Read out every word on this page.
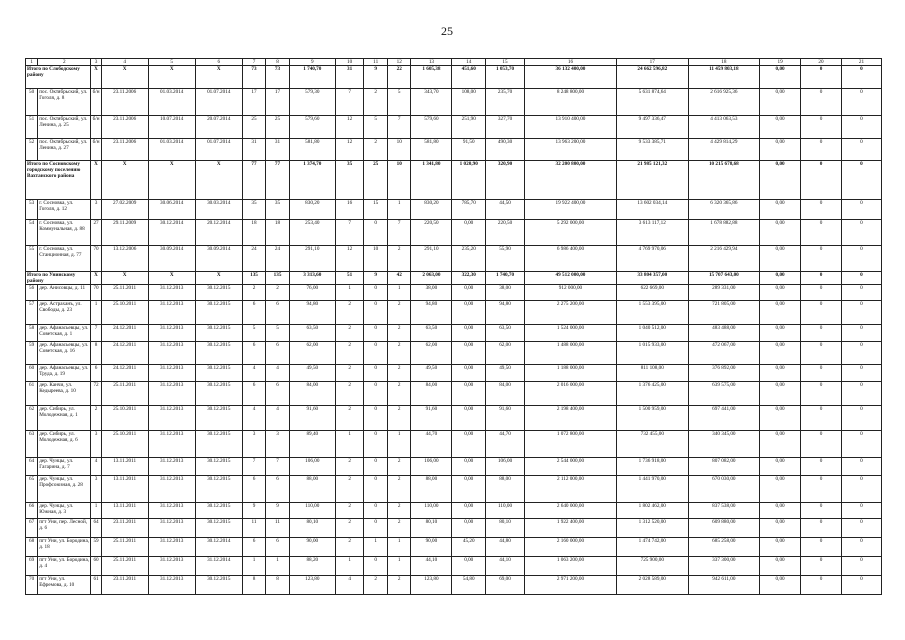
25
1	2	3	4	5	6	7	8	9	10	11	12	13	14	15	16	17	18	19	20	21
Итого по Слободскому району		X	X	X	X	73	73	1 740,70	31	9	22	1 605,38	451,60	1 053,70	36 132 400,00	24 662 596,82	11 459 803,18	0,00	0	0
50	пос. Октябрьский, ул. Гоголя, д. 8	б/н	23.11.2006	01.03.2014	01.07.2014	17	17	579,30	7	2	5	343,70	108,00	235,70	8 248 800,00	5 631 874,64	2 616 925,36	0,00	0	0
51	пос. Октябрьский, ул. Ленина, д. 25	б/н	23.11.2006	10.07.2014	20.07.2014	25	25	579,60	12	5	7	579,60	251,90	327,70	13 910 400,00	9 497 336,47	4 413 063,53	0,00	0	0
52	пос. Октябрьский, ул. Ленина, д. 27	б/н	23.11.2006	01.03.2014	01.07.2014	31	31	581,80	12	2	10	581,80	91,50	490,30	13 963 200,00	9 533 385,71	4 429 814,29	0,00	0	0
Итого по Сосновскому городскому поселению Вахтанского района		X	X	X	X	77	77	1 374,70	35	25	10	1 341,80	1 020,90	320,90	32 200 800,00	21 985 121,32	10 215 678,68	0,00	0	0
53	г. Сосновка, ул. Гоголя, д. 12	3	27.02.2009	30.06.2014	30.03.2014	35	35	830,20	16	15	1	830,20	785,70	44,50	19 922 400,00	13 602 034,14	6 320 365,86	0,00	0	0
54	г. Сосновка, ул. Коммунальная, д. 88	27	29.11.2009	30.12.2014	20.12.2014	18	18	253,40	7	0	7	220,50	0,00	220,50	5 292 000,00	3 613 117,12	1 678 882,88	0,00	0	0
55	г. Сосновка, ул. Станционная, д. 77	70	13.12.2006	30.09.2014	30.09.2014	24	24	291,10	12	10	2	291,10	235,20	55,90	6 986 400,00	4 769 970,06	2 216 429,94	0,00	0	0
Итого по Унинскому району		X	X	X	X	135	135	3 313,60	51	9	42	2 063,00	322,30	1 740,70	49 512 000,00	33 804 357,00	15 707 643,00	0,00	0	0
56	дер. Анисовцы, д. 11	70	25.11.2011	31.12.2013	30.12.2015	2	2	76,00	1	0	1	38,00	0,00	38,00	912 000,00	622 669,00	289 331,00	0,00	0	0
57	дер. Астраханъ, ул. Свободы, д. 23	1	25.10.2011	31.12.2013	30.12.2015	6	6	94,80	2	0	2	94,80	0,00	94,80	2 275 200,00	1 553 395,00	721 805,00	0,00	0	0
58	дер. Афанасьевцы, ул. Советская, д. 1	7	24.12.2011	31.12.2013	30.12.2015	5	5	63,50	2	0	2	63,50	0,00	63,50	1 524 000,00	1 040 512,00	483 488,00	0,00	0	0
59	дер. Афанасьевцы, ул. Советская, д. 16	8	24.12.2011	31.12.2013	30.12.2015	6	6	62,00	2	0	2	62,00	0,00	62,00	1 488 000,00	1 015 933,00	472 067,00	0,00	0	0
60	дер. Афанасьевцы, ул. Труда, д. 19	6	24.12.2011	31.12.2013	30.12.2015	4	4	49,50	2	0	2	49,50	0,00	49,50	1 188 000,00	811 108,00	376 892,00	0,00	0	0
61	дер. Канчи, ул. Кедыреева, д. 10	72	25.11.2011	31.12.2013	30.12.2015	6	6	84,00	2	0	2	84,00	0,00	84,00	2 016 000,00	1 376 425,00	639 575,00	0,00	0	0
62	дер. Сибирь, ул. Молодежная, д. 1	2	25.10.2011	31.12.2013	30.12.2015	4	4	91,60	2	0	2	91,60	0,00	91,60	2 198 400,00	1 500 959,00	697 441,00	0,00	0	0
63	дер. Сибирь, ул. Молодежная, д. 6	3	25.10.2011	31.12.2013	30.12.2015	3	3	89,40	1	0	1	44,70	0,00	44,70	1 072 800,00	732 455,00	340 345,00	0,00	0	0
64	дер. Чунцы, ул. Гагарина, д. 7	4	13.11.2011	31.12.2013	30.12.2015	7	7	106,00	2	0	2	106,00	0,00	106,00	2 544 000,00	1 736 918,00	807 082,00	0,00	0	0
65	дер. Чунцы, ул. Профсоюзная, д. 28	3	13.11.2011	31.12.2013	30.12.2015	6	6	88,00	2	0	2	88,00	0,00	88,00	2 112 000,00	1 441 970,00	670 030,00	0,00	0	0
66	дер. Чунцы, ул. Южная, д. 3	1	13.11.2011	31.12.2013	30.12.2015	9	9	110,00	2	0	2	110,00	0,00	110,00	2 640 000,00	1 802 462,00	837 538,00	0,00	0	0
67	пгт Уни, пер. Лесной, д. 6	64	23.11.2011	31.12.2013	30.12.2015	11	11	80,10	2	0	2	80,10	0,00	80,10	1 922 400,00	1 312 520,00	609 880,00	0,00	0	0
68	пгт Уни, ул. Бородина, д. 18	59	25.11.2011	31.12.2013	30.12.2014	6	6	90,00	2	1	1	90,00	45,20	44,80	2 160 000,00	1 474 742,00	685 258,00	0,00	0	0
69	пгт Уни, ул. Бородина, д. 4	60	25.11.2011	31.12.2013	31.12.2014	1	1	88,20	1	0	1	44,10	0,00	44,10	1 063 200,00	725 900,00	337 300,00	0,00	0	0
70	пгт Уни, ул. Ефремова, д. 10	61	23.11.2011	31.12.2013	30.12.2015	8	8	123,80	4	2	2	123,80	54,80	69,00	2 971 200,00	2 028 589,00	942 611,00	0,00	0	0
